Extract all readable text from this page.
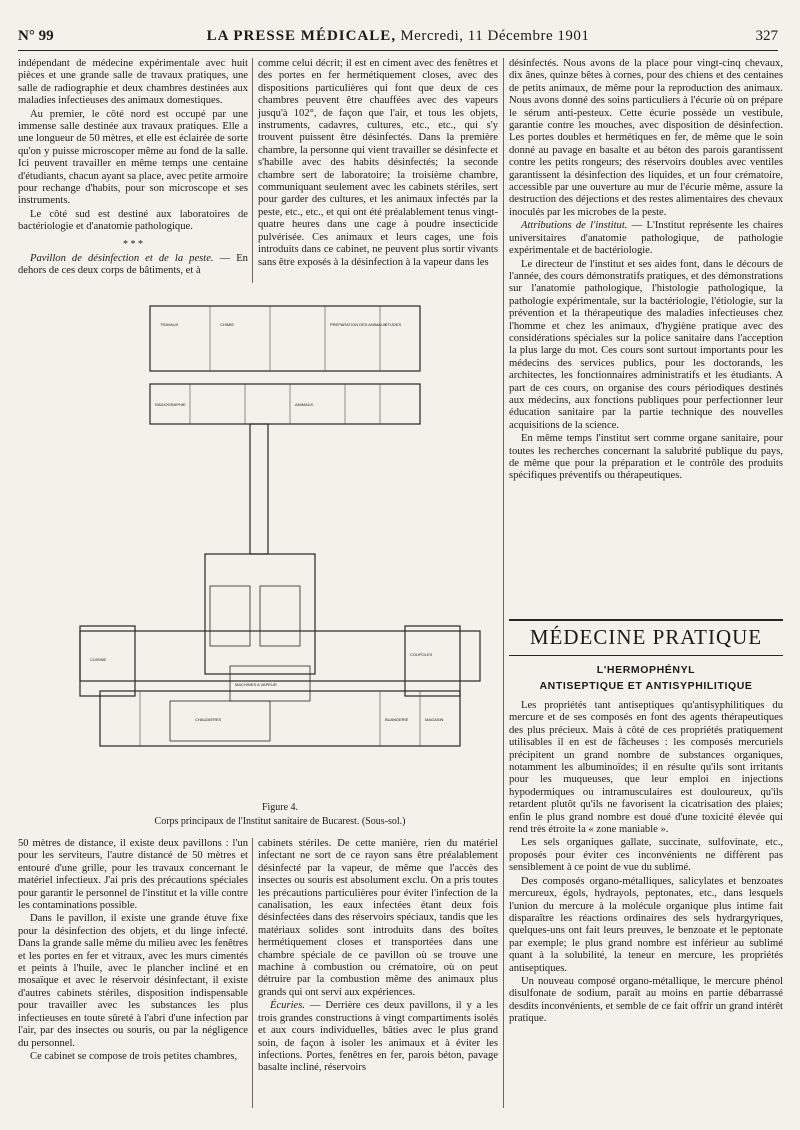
N° 99	LA PRESSE MÉDICALE, Mercredi, 11 Décembre 1901	327

indépendant de médecine expérimentale avec huit pièces et une grande salle de travaux pratiques, une salle de radiographie et deux chambres destinées aux maladies infectieuses des animaux domestiques.

Au premier, le côté nord est occupé par une immense salle destinée aux travaux pratiques. Elle a une longueur de 50 mètres, et elle est éclairée de sorte qu'on y puisse microscoper même au fond de la salle. Ici peuvent travailler en même temps une centaine d'étudiants, chacun ayant sa place, avec petite armoire pour rechange d'habits, pour son microscope et ses instruments.

Le côté sud est destiné aux laboratoires de bactériologie et d'anatomie pathologique.

* * *

Pavillon de désinfection et de la peste. — En dehors de ces deux corps de bâtiments, et à

comme celui décrit; il est en ciment avec des fenêtres et des portes en fer hermétiquement closes, avec des dispositions particulières qui font que deux de ces chambres peuvent être chauffées avec des vapeurs jusqu'à 102°, de façon que l'air, et tous les objets, instruments, cadavres, cultures, etc., etc., qui s'y trouvent puissent être désinfectés. Dans la première chambre, la personne qui vient travailler se désinfecte et s'habille avec des habits désinfectés; la seconde chambre sert de laboratoire; la troisième chambre, communiquant seulement avec les cabinets stériles, sert pour garder des cultures, et les animaux infectés par la peste, etc., etc., et qui ont été préalablement tenus vingt-quatre heures dans une cage à poudre insecticide pulvérisée. Ces animaux et leurs cages, une fois introduits dans ce cabinet, ne peuvent plus sortir vivants sans être exposés à la désinfection à la vapeur dans les

désinfectés. Nous avons de la place pour vingt-cinq chevaux, dix ânes, quinze bêtes à cornes, pour des chiens et des centaines de petits animaux, de même pour la reproduction des animaux. Nous avons donné des soins particuliers à l'écurie où on prépare le sérum anti-pesteux. Cette écurie possède un vestibule, garantie contre les mouches, avec disposition de désinfection. Les portes doubles et hermétiques en fer, de même que le soin donné au pavage en basalte et au béton des parois garantissent contre les petits rongeurs; des réservoirs doubles avec ventiles garantissent la désinfection des liquides, et un four crématoire, accessible par une ouverture au mur de l'écurie même, assure la destruction des déjections et des restes alimentaires des chevaux inoculés par les microbes de la peste.

Attributions de l'institut. — L'Institut représente les chaires universitaires d'anatomie pathologique, de pathologie expérimentale et de bactériologie.

Le directeur de l'institut et ses aides font, dans le décours de l'année, des cours démonstratifs pratiques, et des démonstrations sur l'anatomie pathologique, l'histologie pathologique, la pathologie expérimentale, sur la bactériologie, l'étiologie, sur la prévention et la thérapeutique des maladies infectieuses chez l'homme et chez les animaux, d'hygiène pratique avec des considérations spéciales sur la police sanitaire dans l'acception la plus large du mot. Ces cours sont surtout importants pour les médecins des services publics, pour les doctorands, les architectes, les fonctionnaires administratifs et les étudiants. A part de ces cours, on organise des cours périodiques destinés aux médecins, aux fonctions publiques pour perfectionner leur éducation sanitaire par la partie technique des nouvelles acquisitions de la science.

En même temps l'institut sert comme organe sanitaire, pour toutes les recherches concernant la salubrité publique du pays, de même que pour la préparation et le contrôle des produits spécifiques préventifs ou thérapeutiques.

TRAVAUX	CHIMIE	PREPARATION DES ANIMAUX
ETUDES
RADIOGRAPHIE	ANIMAUX
CUISINE
MACHINES A VAPEUR
CHAUDIERES	BUANDERIE	MAGASIN
COUPOLES
Figure 4.
Corps principaux de l'Institut sanitaire de Bucarest. (Sous-sol.)

50 mètres de distance, il existe deux pavillons : l'un pour les serviteurs, l'autre distancé de 50 mètres et entouré d'une grille, pour les travaux concernant le matériel infectieux. J'ai pris des précautions spéciales pour garantir le personnel de l'institut et la ville contre les contaminations possible.

Dans le pavillon, il existe une grande étuve fixe pour la désinfection des objets, et du linge infecté. Dans la grande salle même du milieu avec les fenêtres et les portes en fer et vitraux, avec les murs cimentés et peints à l'huile, avec le plancher incliné et en mosaïque et avec le réservoir désinfectant, il existe d'autres cabinets stériles, disposition indispensable pour travailler avec les substances les plus infectieuses en toute sûreté à l'abri d'une infection par l'air, par des insectes ou souris, ou par la négligence du personnel.

Ce cabinet se compose de trois petites chambres,

cabinets stériles. De cette manière, rien du matériel infectant ne sort de ce rayon sans être préalablement désinfecté par la vapeur, de même que l'accès des insectes ou souris est absolument exclu. On a pris toutes les précautions particulières pour éviter l'infection de la canalisation, les eaux infectées étant deux fois désinfectées dans des réservoirs spéciaux, tandis que les matériaux solides sont introduits dans des boîtes hermétiquement closes et transportées dans une chambre spéciale de ce pavillon où se trouve une machine à combustion ou crématoire, où on peut détruire par la combustion même des animaux plus grands qui ont servi aux expériences.

Écuries. — Derrière ces deux pavillons, il y a les trois grandes constructions à vingt compartiments isolés et aux cours individuelles, bâties avec le plus grand soin, de façon à isoler les animaux et à éviter les infections. Portes, fenêtres en fer, parois béton, pavage basalte incliné, réservoirs

MÉDECINE PRATIQUE
L'HERMOPHÉNYL
ANTISEPTIQUE ET ANTISYPHILITIQUE

Les propriétés tant antiseptiques qu'antisyphilitiques du mercure et de ses composés en font des agents thérapeutiques des plus précieux. Mais à côté de ces propriétés pratiquement utilisables il en est de fâcheuses : les composés mercuriels précipitent un grand nombre de substances organiques, notamment les albuminoïdes; il en résulte qu'ils sont irritants pour les muqueuses, que leur emploi en injections hypodermiques ou intramusculaires est douloureux, qu'ils retardent plutôt qu'ils ne favorisent la cicatrisation des plaies; enfin le plus grand nombre est doué d'une toxicité élevée qui rend très étroite la « zone maniable ».

Les sels organiques gallate, succinate, sulfovinate, etc., proposés pour éviter ces inconvénients ne diffèrent pas sensiblement à ce point de vue du sublimé.

Des composés organo-métalliques, salicylates et benzoates mercureux, égols, hydrayols, peptonates, etc., dans lesquels l'union du mercure à la molécule organique plus intime fait disparaître les réactions ordinaires des sels hydrargyriques, quelques-uns ont fait leurs preuves, le benzoate et le peptonate par exemple; le plus grand nombre est inférieur au sublimé quant à la solubilité, la teneur en mercure, les propriétés antiseptiques.

Un nouveau composé organo-métallique, le mercure phénol disulfonate de sodium, paraît au moins en partie débarrassé desdits inconvénients, et semble de ce fait offrir un grand intérêt pratique.
